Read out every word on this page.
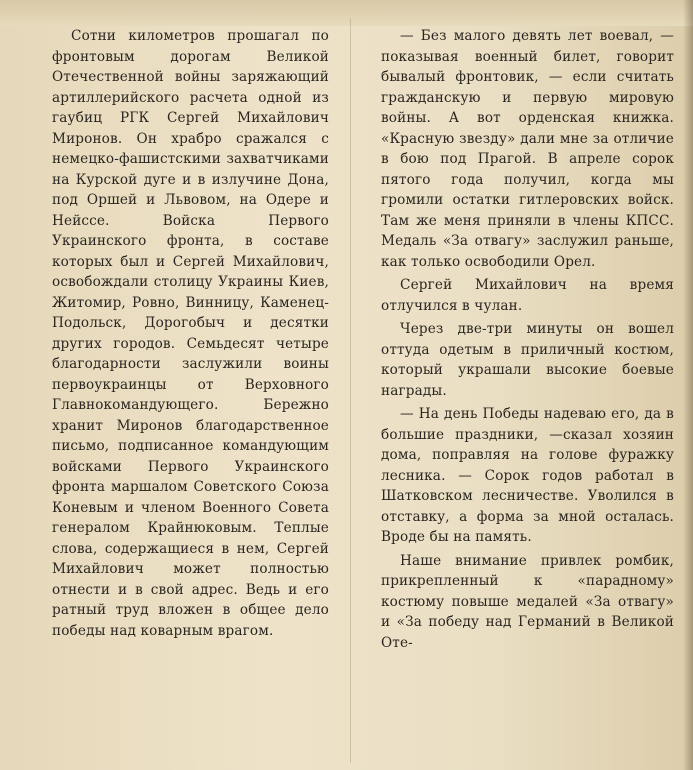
Сотни километров прошагал по фронтовым дорогам Великой Отечественной войны заряжающий артиллерийского расчета одной из гаубиц РГК Сергей Михайлович Миронов. Он храбро сражался с немецко-фашистскими захватчиками на Курской дуге и в излучине Дона, под Оршей и Львовом, на Одере и Нейссе. Войска Первого Украинского фронта, в составе которых был и Сергей Михайлович, освобождали столицу Украины Киев, Житомир, Ровно, Винницу, Каменец-Подольск, Дорогобыч и десятки других городов. Семьдесят четыре благодарности заслужили воины первоукраинцы от Верховного Главнокомандующего. Бережно хранит Миронов благодарственное письмо, подписанное командующим войсками Первого Украинского фронта маршалом Советского Союза Коневым и членом Военного Совета генералом Крайнюковым. Теплые слова, содержащиеся в нем, Сергей Михайлович может полностью отнести и в свой адрес. Ведь и его ратный труд вложен в общее дело победы над коварным врагом.

— Без малого девять лет воевал, — показывая военный билет, говорит бывалый фронтовик, — если считать гражданскую и первую мировую войны. А вот орденская книжка. «Красную звезду» дали мне за отличие в бою под Прагой. В апреле сорок пятого года получил, когда мы громили остатки гитлеровских войск. Там же меня приняли в члены КПСС. Медаль «За отвагу» заслужил раньше, как только освободили Орел.

Сергей Михайлович на время отлучился в чулан.

Через две-три минуты он вошел оттуда одетым в приличный костюм, который украшали высокие боевые награды.

— На день Победы надеваю его, да в большие праздники, —сказал хозяин дома, поправляя на голове фуражку лесника. — Сорок годов работал в Шатковском лесничестве. Уволился в отставку, а форма за мной осталась. Вроде бы на память.

Наше внимание привлек ромбик, прикрепленный к «парадному» костюму повыше медалей «За отвагу» и «За победу над Германий в Великой Оте-
